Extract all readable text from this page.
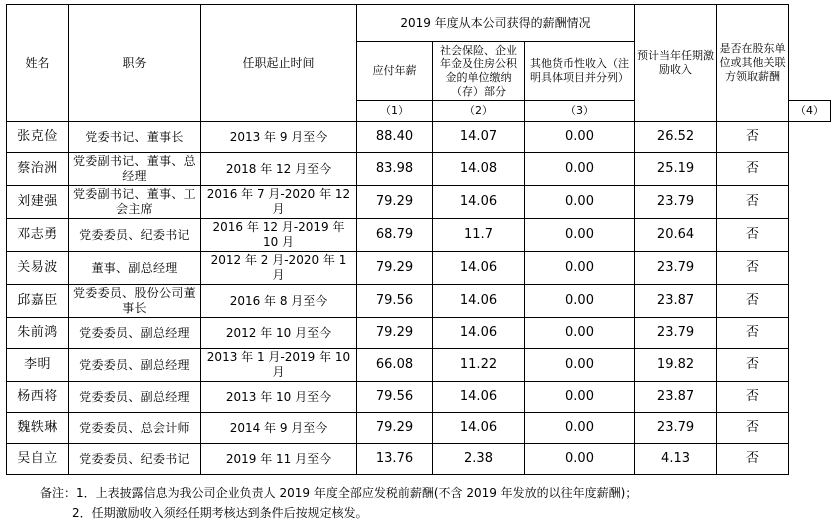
姓名	职务	任职起止时间	2019 年度从本公司获得的薪酬情况			预计当年任期激励收入	是否在股东单位或其他关联方领取薪酬	
			应付年薪	社会保险、企业年金及住房公积金的单位缴纳（存）部分	其他货币性收入（注明具体项目并分列）			
			（1）	（2）	（3）			（4）
张克俭	党委书记、董事长	2013 年 9 月至今	88.40	14.07	0.00	26.52	否	
蔡治洲	党委副书记、董事、总经理	2018 年 12 月至今	83.98	14.08	0.00	25.19	否	
刘建强	党委副书记、董事、工会主席	2016 年 7 月-2020 年 12 月	79.29	14.06	0.00	23.79	否	
邓志勇	党委委员、纪委书记	2016 年 12 月-2019 年 10 月	68.79	11.7	0.00	20.64	否	
关易波	董事、副总经理	2012 年 2 月-2020 年 1 月	79.29	14.06	0.00	23.79	否	
邱嘉臣	党委委员、股份公司董事长	2016 年 8 月至今	79.56	14.06	0.00	23.87	否	
朱前鸿	党委委员、副总经理	2012 年 10 月至今	79.29	14.06	0.00	23.79	否	
李明	党委委员、副总经理	2013 年 1 月-2019 年 10 月	66.08	11.22	0.00	19.82	否	
杨西将	党委委员、副总经理	2013 年 10 月至今	79.56	14.06	0.00	23.87	否	
魏轶琳	党委委员、总会计师	2014 年 9 月至今	79.29	14.06	0.00	23.79	否	
吴自立	党委委员、纪委书记	2019 年 11 月至今	13.76	2.38	0.00	4.13	否	
备注：1．上表披露信息为我公司企业负责人 2019 年度全部应发税前薪酬(不含 2019 年发放的以往年度薪酬)；
2．任期激励收入须经任期考核达到条件后按规定核发。
